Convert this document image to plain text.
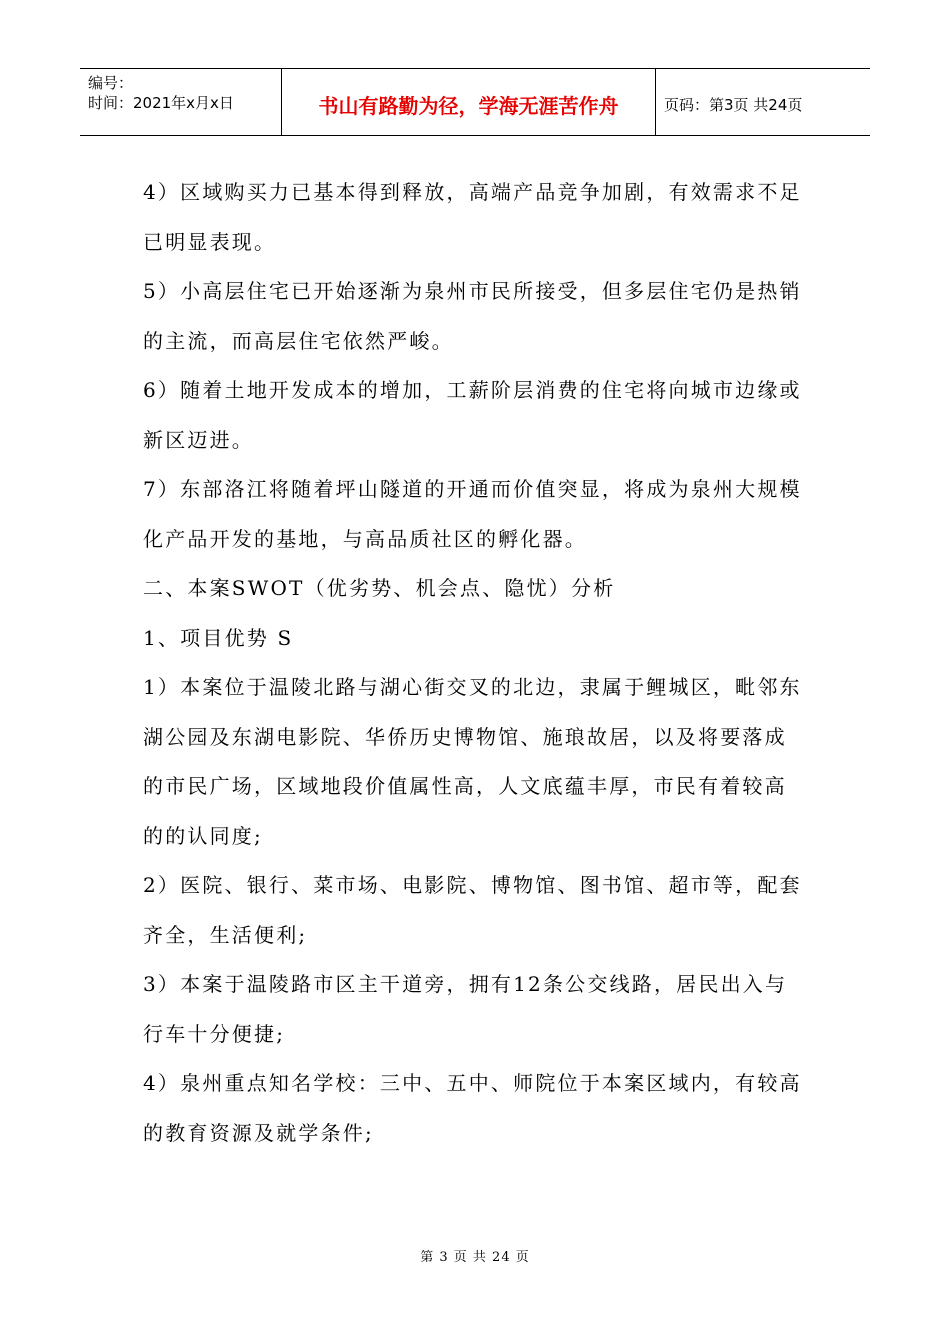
编号：
时间：2021年x月x日	书山有路勤为径，学海无涯苦作舟	页码：第3页 共24页

4）区域购买力已基本得到释放，高端产品竞争加剧，有效需求不足

已明显表现。

5）小高层住宅已开始逐渐为泉州市民所接受，但多层住宅仍是热销

的主流，而高层住宅依然严峻。

6）随着土地开发成本的增加，工薪阶层消费的住宅将向城市边缘或

新区迈进。

7）东部洛江将随着坪山隧道的开通而价值突显，将成为泉州大规模

化产品开发的基地，与高品质社区的孵化器。

二、本案SWOT（优劣势、机会点、隐忧）分析

1、项目优势 S

1）本案位于温陵北路与湖心街交叉的北边，隶属于鲤城区，毗邻东

湖公园及东湖电影院、华侨历史博物馆、施琅故居，以及将要落成

的市民广场，区域地段价值属性高，人文底蕴丰厚，市民有着较高

的的认同度;

2）医院、银行、菜市场、电影院、博物馆、图书馆、超市等，配套

齐全，生活便利;

3）本案于温陵路市区主干道旁，拥有12条公交线路，居民出入与

行车十分便捷;

4）泉州重点知名学校：三中、五中、师院位于本案区域内，有较高

的教育资源及就学条件;

第 3 页 共 24 页
